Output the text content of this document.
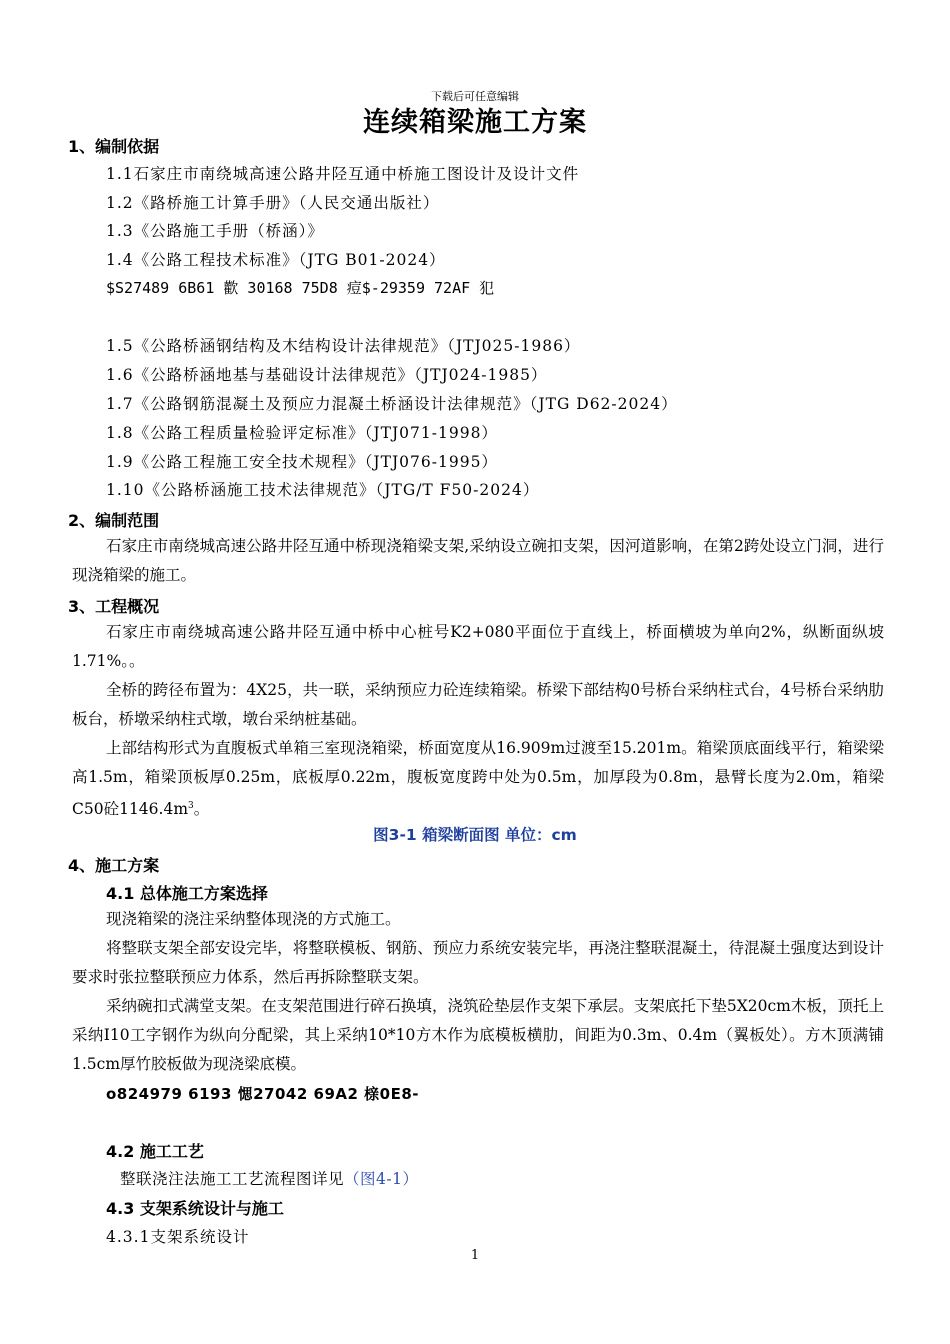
下载后可任意编辑
连续箱梁施工方案
1、编制依据
1.1石家庄市南绕城高速公路井陉互通中桥施工图设计及设计文件
1.2《路桥施工计算手册》（人民交通出版社）
1.3《公路施工手册（桥涵）》
1.4《公路工程技术标准》（JTG B01-2024）
$S27489 6B61 歡 30168 75D8 痘$-29359 72AF 犯
1.5《公路桥涵钢结构及木结构设计法律规范》（JTJ025-1986）
1.6《公路桥涵地基与基础设计法律规范》（JTJ024-1985）
1.7《公路钢筋混凝土及预应力混凝土桥涵设计法律规范》（JTG D62-2024）
1.8《公路工程质量检验评定标准》（JTJ071-1998）
1.9《公路工程施工安全技术规程》（JTJ076-1995）
1.10《公路桥涵施工技术法律规范》（JTG/T F50-2024）
2、编制范围
石家庄市南绕城高速公路井陉互通中桥现浇箱梁支架,采纳设立碗扣支架，因河道影响，在第2跨处设立门洞，进行现浇箱梁的施工。
3、工程概况
石家庄市南绕城高速公路井陉互通中桥中心桩号K2+080平面位于直线上，桥面横坡为单向2%，纵断面纵坡1.71%。。
全桥的跨径布置为：4X25，共一联，采纳预应力砼连续箱梁。桥梁下部结构0号桥台采纳柱式台，4号桥台采纳肋板台，桥墩采纳柱式墩，墩台采纳桩基础。
上部结构形式为直腹板式单箱三室现浇箱梁，桥面宽度从16.909m过渡至15.201m。箱梁顶底面线平行，箱梁梁高1.5m，箱梁顶板厚0.25m，底板厚0.22m，腹板宽度跨中处为0.5m，加厚段为0.8m，悬臂长度为2.0m，箱梁C50砼$1146.4m^3$。
图3-1 箱梁断面图 单位：cm
4、施工方案
4.1 总体施工方案选择
现浇箱梁的浇注采纳整体现浇的方式施工。
将整联支架全部安设完毕，将整联模板、钢筋、预应力系统安装完毕，再浇注整联混凝土，待混凝土强度达到设计要求时张拉整联预应力体系，然后再拆除整联支架。
采纳碗扣式满堂支架。在支架范围进行碎石换填，浇筑砼垫层作支架下承层。支架底托下垫5X20cm木板，顶托上采纳I10工字钢作为纵向分配梁，其上采纳10*10方木作为底模板横肋，间距为0.3m、0.4m（翼板处）。方木顶满铺1.5cm厚竹胶板做为现浇梁底模。
o824979 6193 愢27042 69A2 榇0E8-
4.2 施工工艺
整联浇注法施工工艺流程图详见（图4-1）
4.3 支架系统设计与施工
4.3.1支架系统设计
1
